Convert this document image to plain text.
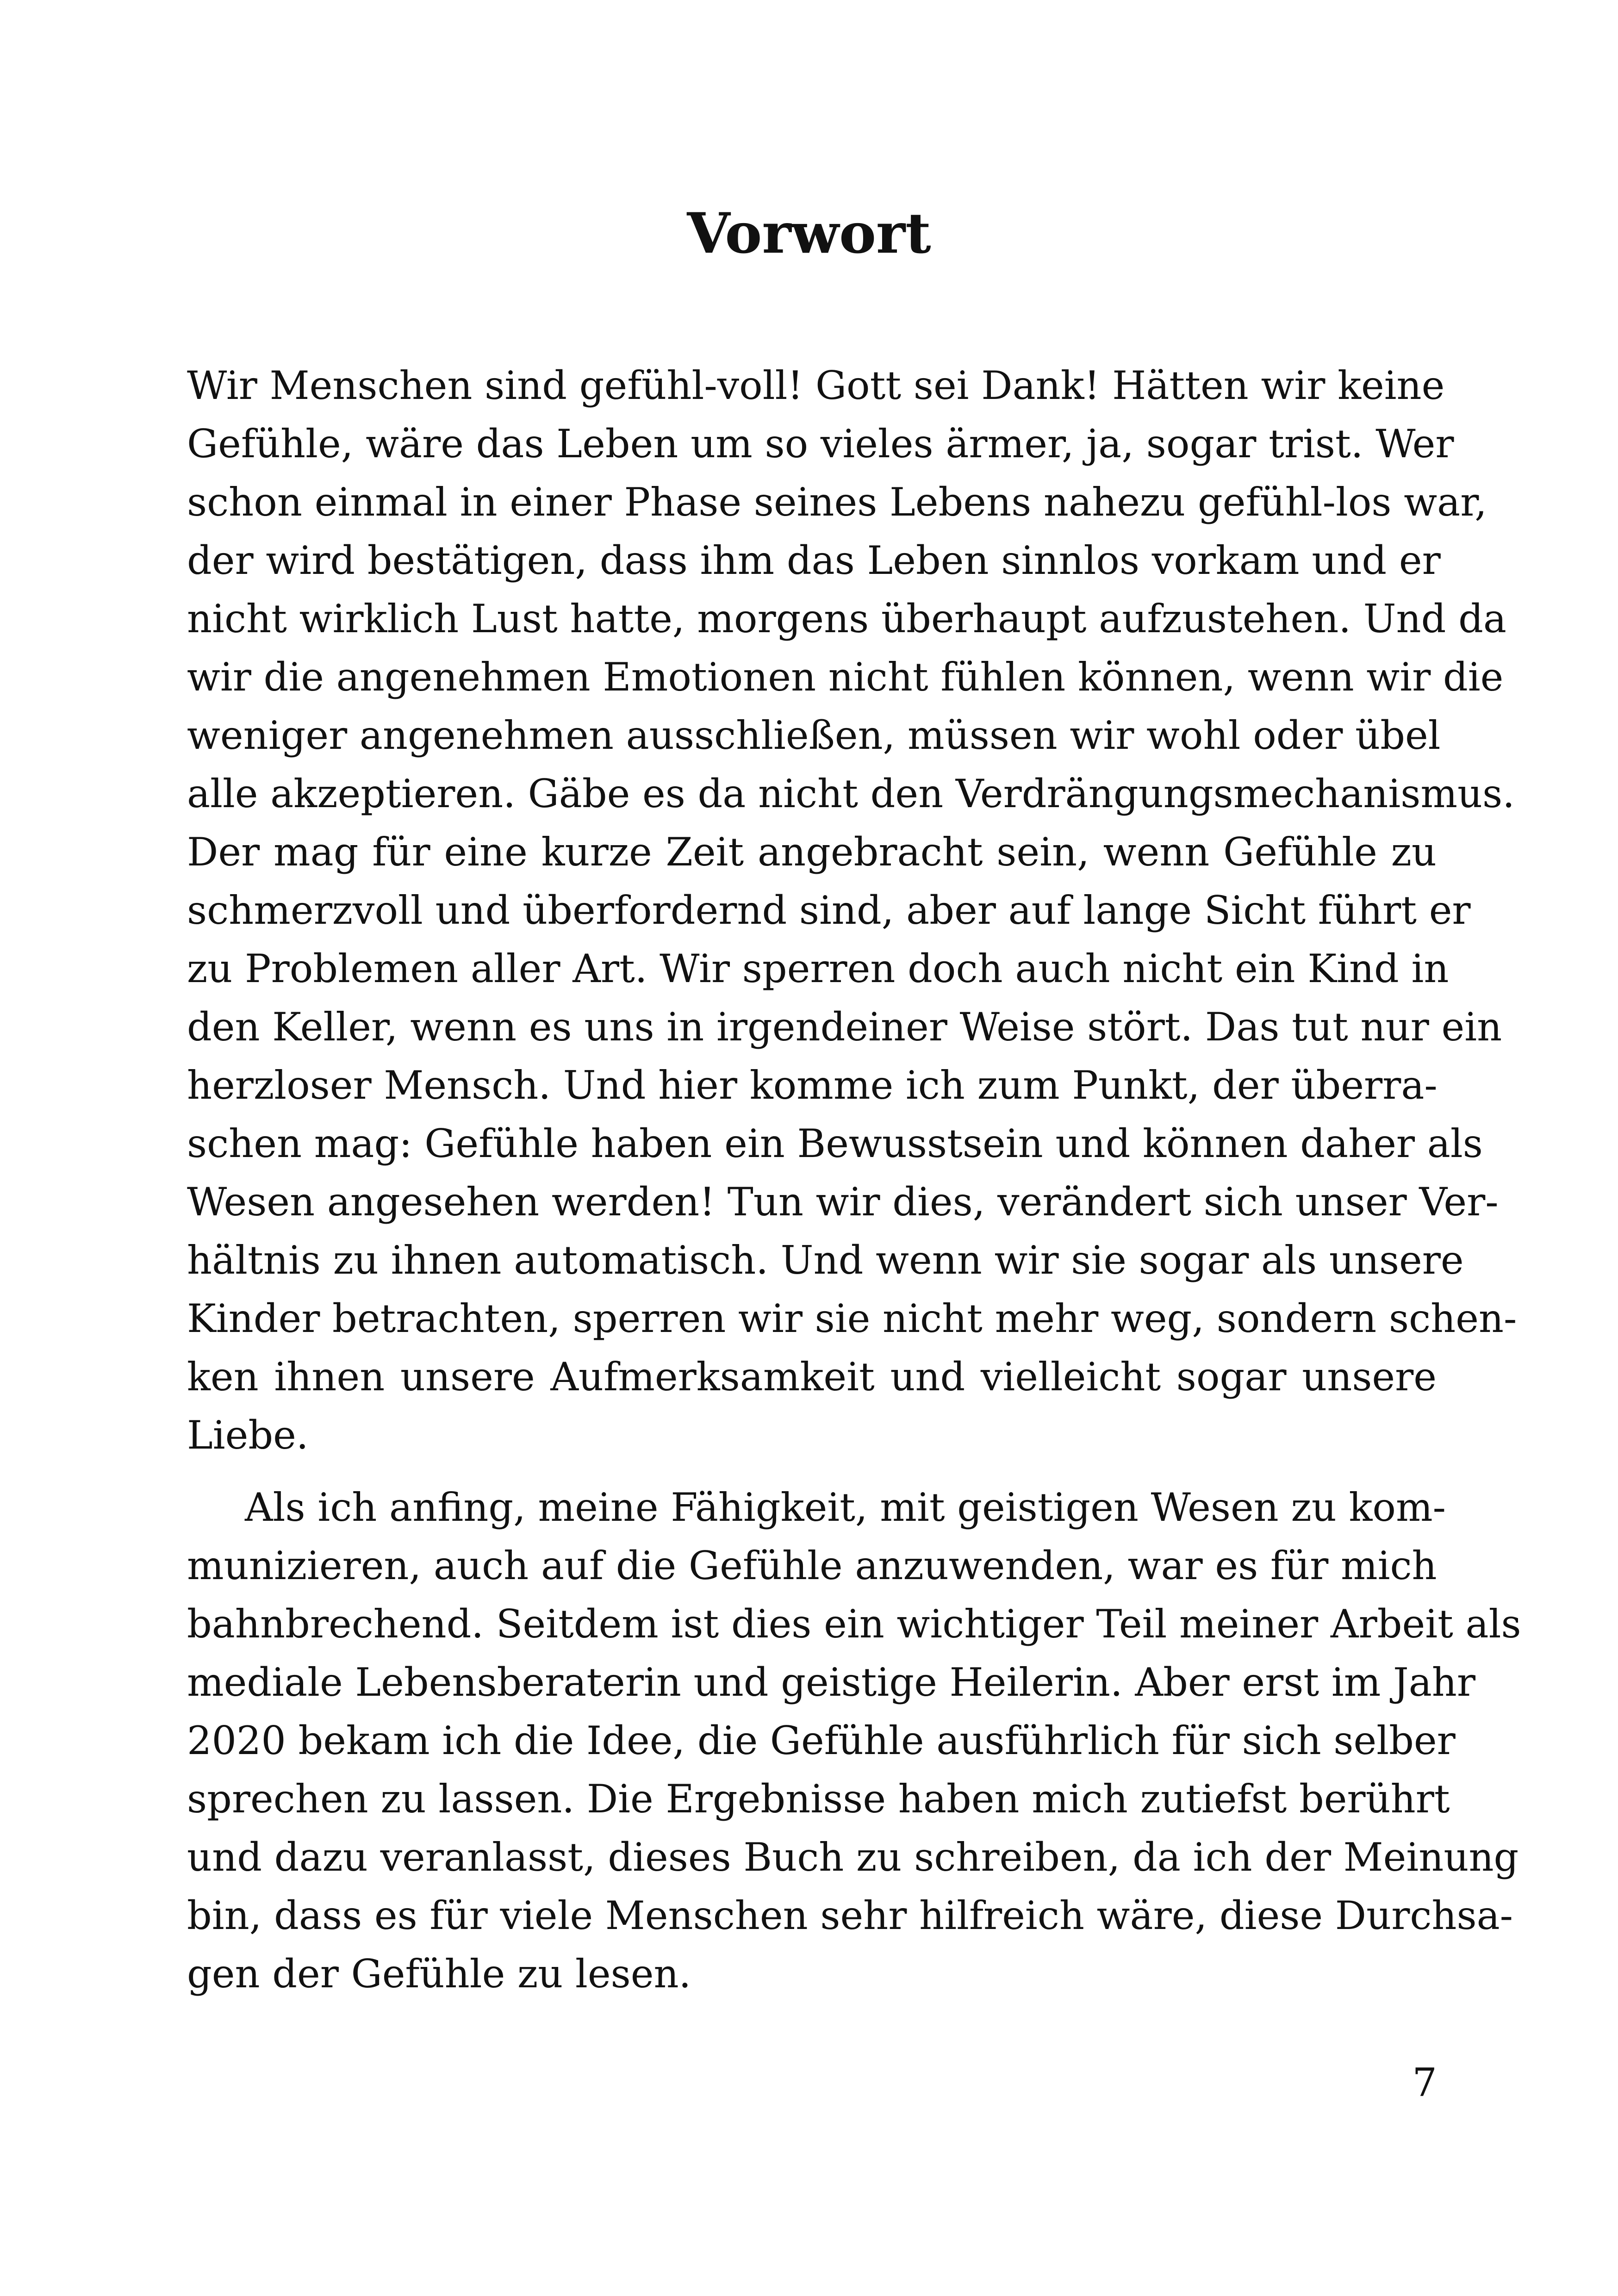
Vorwort
Wir Menschen sind gefühl-voll! Gott sei Dank! Hätten wir keine
Gefühle, wäre das Leben um so vieles ärmer, ja, sogar trist. Wer
schon einmal in einer Phase seines Lebens nahezu gefühl-los war,
der wird bestätigen, dass ihm das Leben sinnlos vorkam und er
nicht wirklich Lust hatte, morgens überhaupt aufzustehen. Und da
wir die angenehmen Emotionen nicht fühlen können, wenn wir die
weniger angenehmen ausschließen, müssen wir wohl oder übel
alle akzeptieren. Gäbe es da nicht den Verdrängungsmechanismus.
Der mag für eine kurze Zeit angebracht sein, wenn Gefühle zu
schmerzvoll und überfordernd sind, aber auf lange Sicht führt er
zu Problemen aller Art. Wir sperren doch auch nicht ein Kind in
den Keller, wenn es uns in irgendeiner Weise stört. Das tut nur ein
herzloser Mensch. Und hier komme ich zum Punkt, der überra-
schen mag: Gefühle haben ein Bewusstsein und können daher als
Wesen angesehen werden! Tun wir dies, verändert sich unser Ver-
hältnis zu ihnen automatisch. Und wenn wir sie sogar als unsere
Kinder betrachten, sperren wir sie nicht mehr weg, sondern schen-
ken ihnen unsere Aufmerksamkeit und vielleicht sogar unsere
Liebe.
Als ich anfing, meine Fähigkeit, mit geistigen Wesen zu kom-
munizieren, auch auf die Gefühle anzuwenden, war es für mich
bahnbrechend. Seitdem ist dies ein wichtiger Teil meiner Arbeit als
mediale Lebensberaterin und geistige Heilerin. Aber erst im Jahr
2020 bekam ich die Idee, die Gefühle ausführlich für sich selber
sprechen zu lassen. Die Ergebnisse haben mich zutiefst berührt
und dazu veranlasst, dieses Buch zu schreiben, da ich der Meinung
bin, dass es für viele Menschen sehr hilfreich wäre, diese Durchsa-
gen der Gefühle zu lesen.
7
